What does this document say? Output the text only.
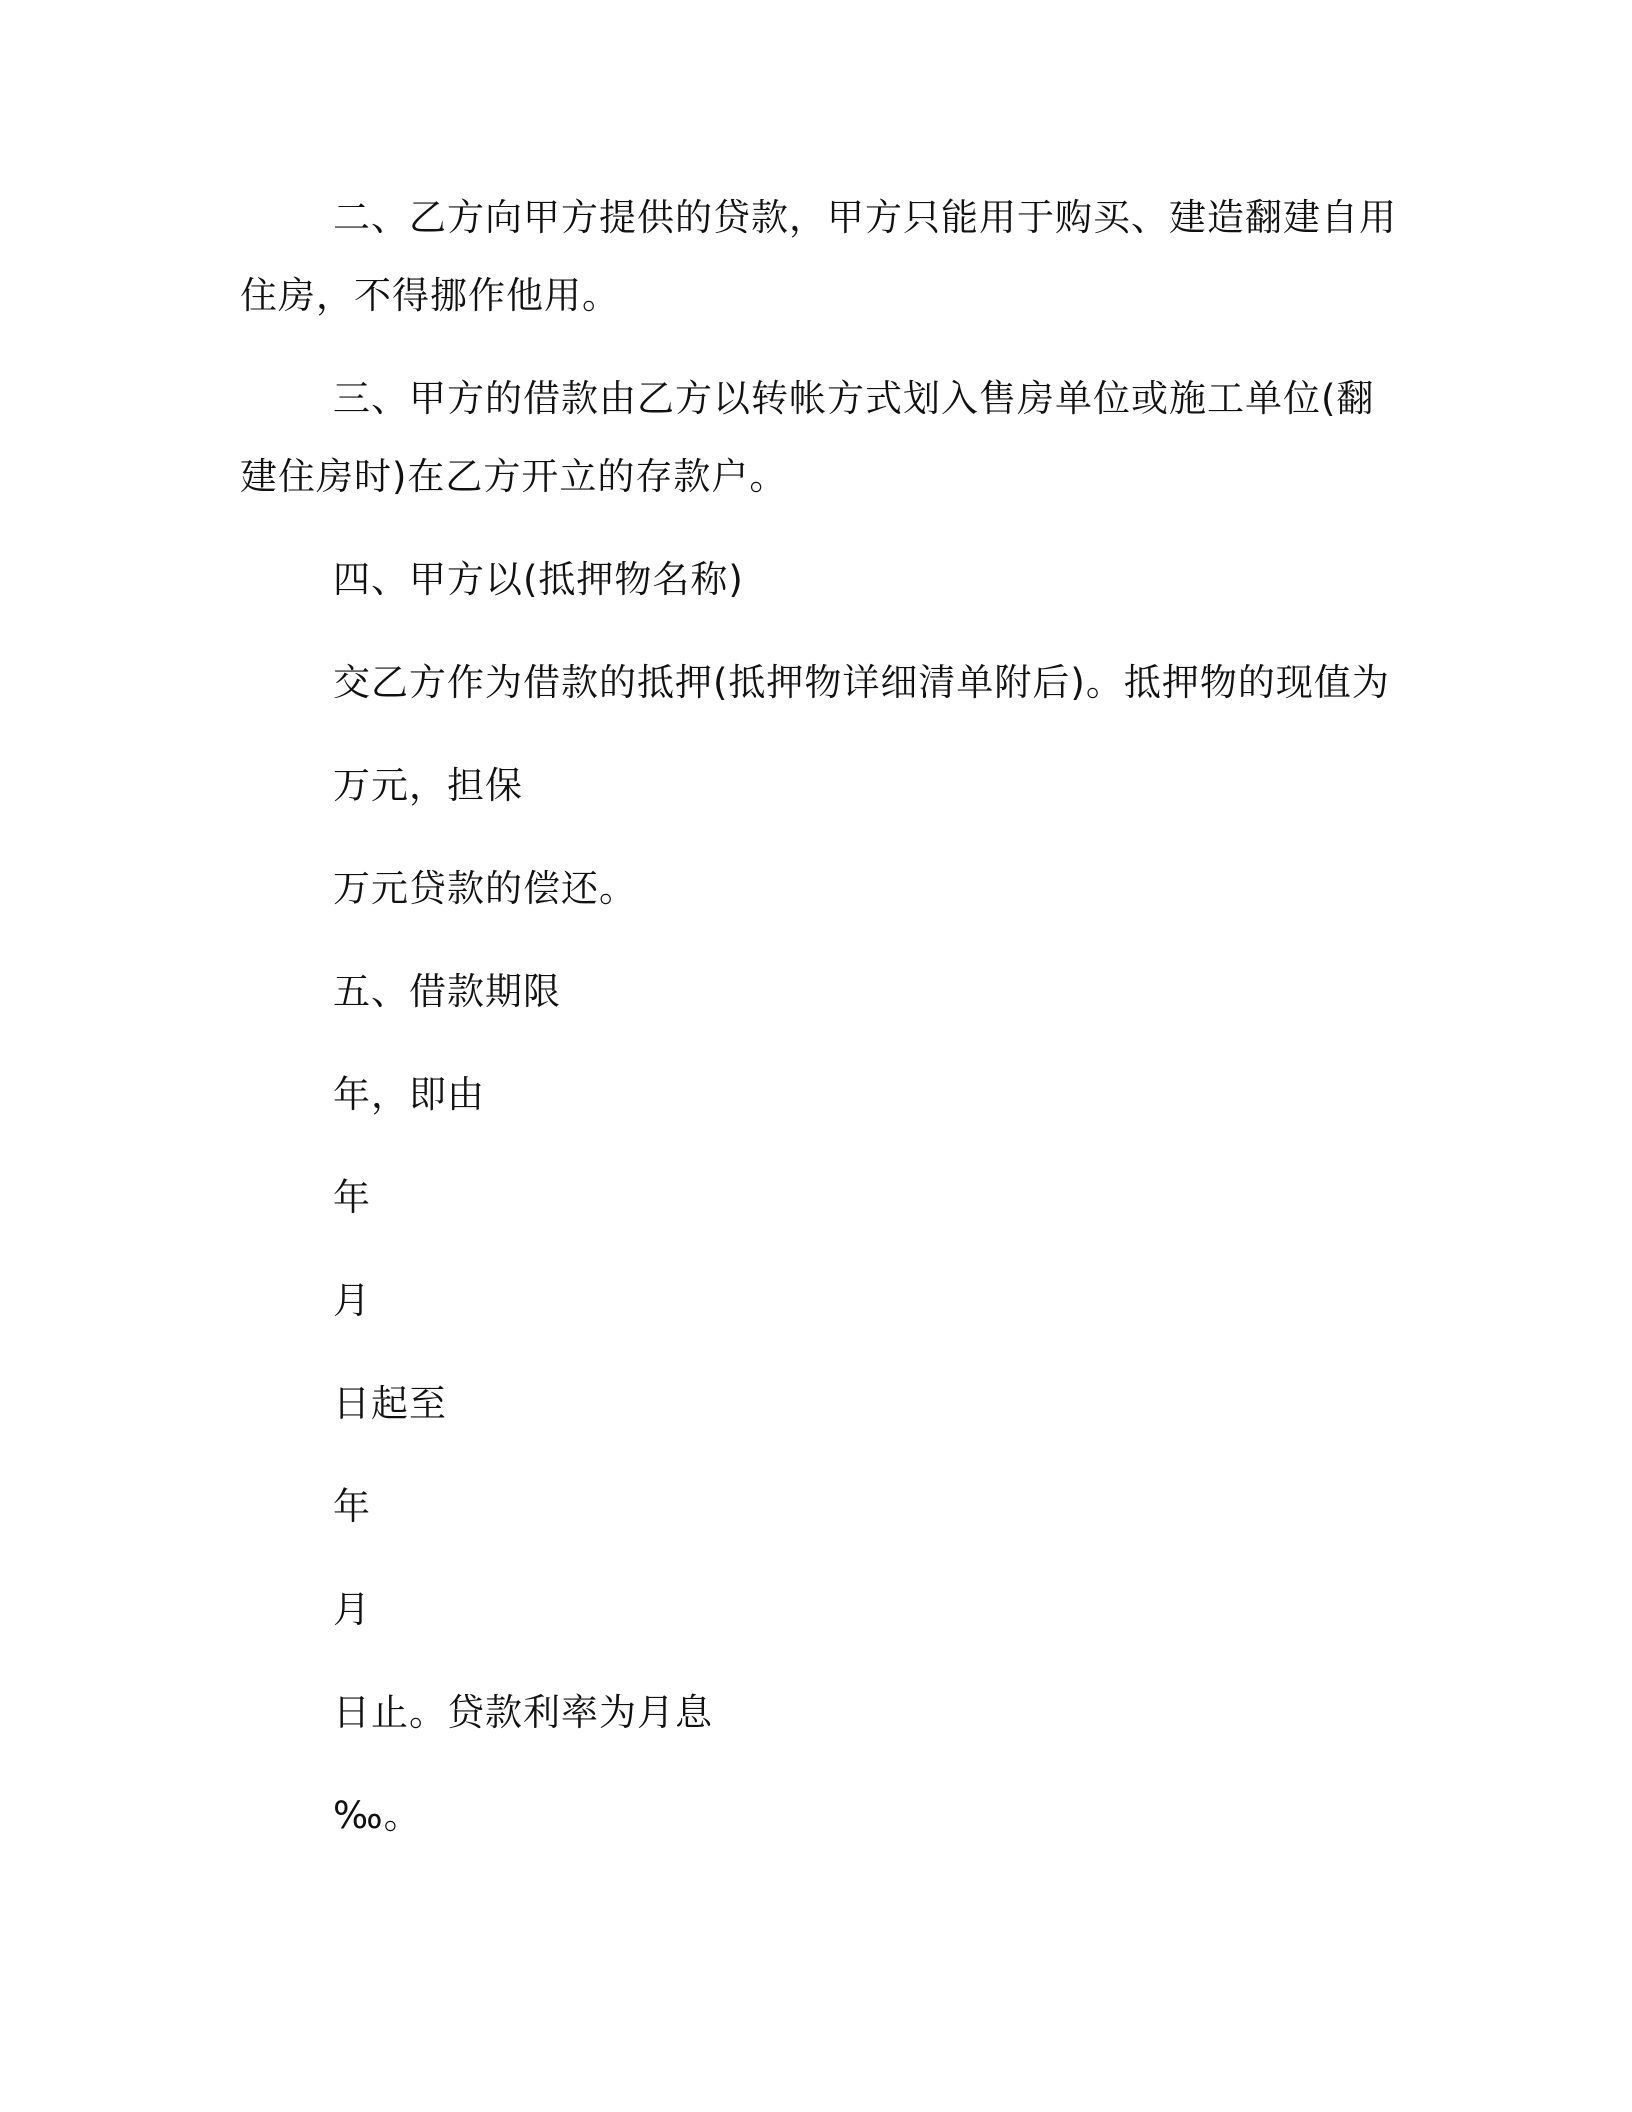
二、乙方向甲方提供的贷款，甲方只能用于购买、建造翻建自用
住房，不得挪作他用。
三、甲方的借款由乙方以转帐方式划入售房单位或施工单位(翻
建住房时)在乙方开立的存款户。
四、甲方以(抵押物名称)
交乙方作为借款的抵押(抵押物详细清单附后)。抵押物的现值为
万元，担保
万元贷款的偿还。
五、借款期限
年，即由
年
月
日起至
年
月
日止。贷款利率为月息
‰。
